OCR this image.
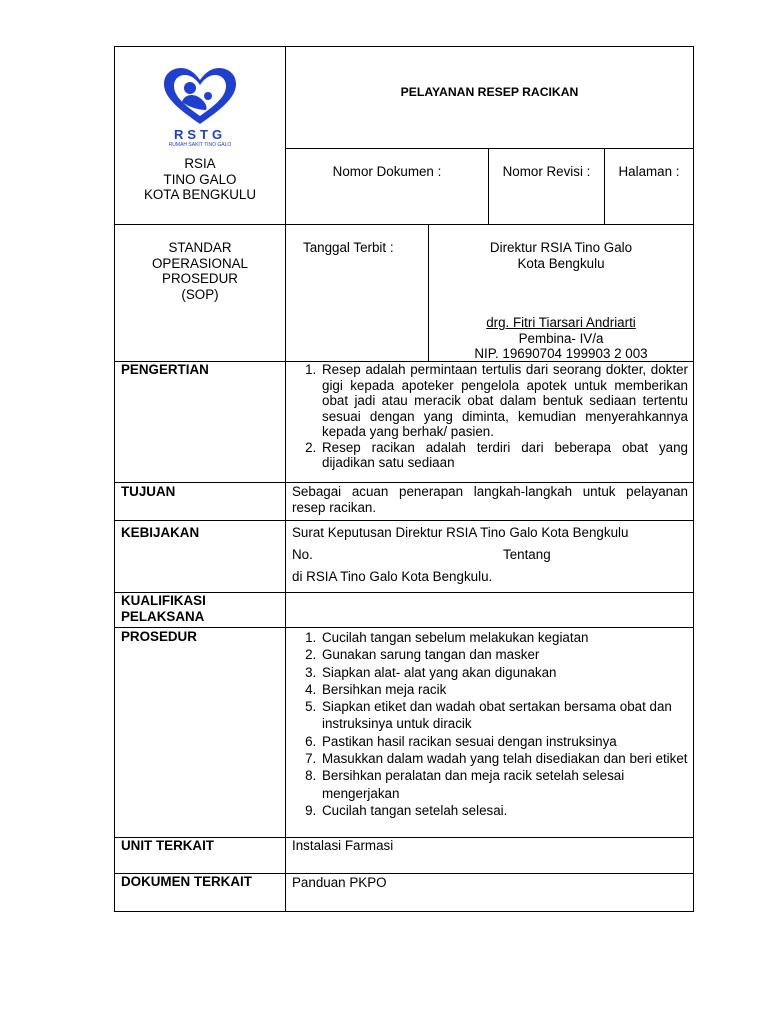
RSTG
RUMAH SAKIT TINO GALO
RSIA
TINO GALO
KOTA BENGKULU
PELAYANAN RESEP RACIKAN
Nomor Dokumen :	Nomor Revisi :	Halaman :
STANDAR
OPERASIONAL
PROSEDUR
(SOP)
Tanggal Terbit :	Direktur RSIA Tino Galo
Kota Bengkulu
drg. Fitri Tiarsari Andriarti
Pembina- IV/a
NIP. 19690704 199903 2 003
PENGERTIAN	1. Resep adalah permintaan tertulis dari seorang dokter, dokter gigi kepada apoteker pengelola apotek untuk memberikan obat jadi atau meracik obat dalam bentuk sediaan tertentu sesuai dengan yang diminta, kemudian menyerahkannya kepada yang berhak/ pasien.
2. Resep racikan adalah terdiri dari beberapa obat yang dijadikan satu sediaan
TUJUAN	Sebagai acuan penerapan langkah-langkah untuk pelayanan resep racikan.
KEBIJAKAN	Surat Keputusan Direktur RSIA Tino Galo Kota Bengkulu
No.	Tentang
di RSIA Tino Galo Kota Bengkulu.
KUALIFIKASI
PELAKSANA
PROSEDUR	1. Cucilah tangan sebelum melakukan kegiatan
2. Gunakan sarung tangan dan masker
3. Siapkan alat- alat yang akan digunakan
4. Bersihkan meja racik
5. Siapkan etiket dan wadah obat sertakan bersama obat dan instruksinya untuk diracik
6. Pastikan hasil racikan sesuai dengan instruksinya
7. Masukkan dalam wadah yang telah disediakan dan beri etiket
8. Bersihkan peralatan dan meja racik setelah selesai mengerjakan
9. Cucilah tangan setelah selesai.
UNIT TERKAIT	Instalasi Farmasi
DOKUMEN TERKAIT	Panduan PKPO
